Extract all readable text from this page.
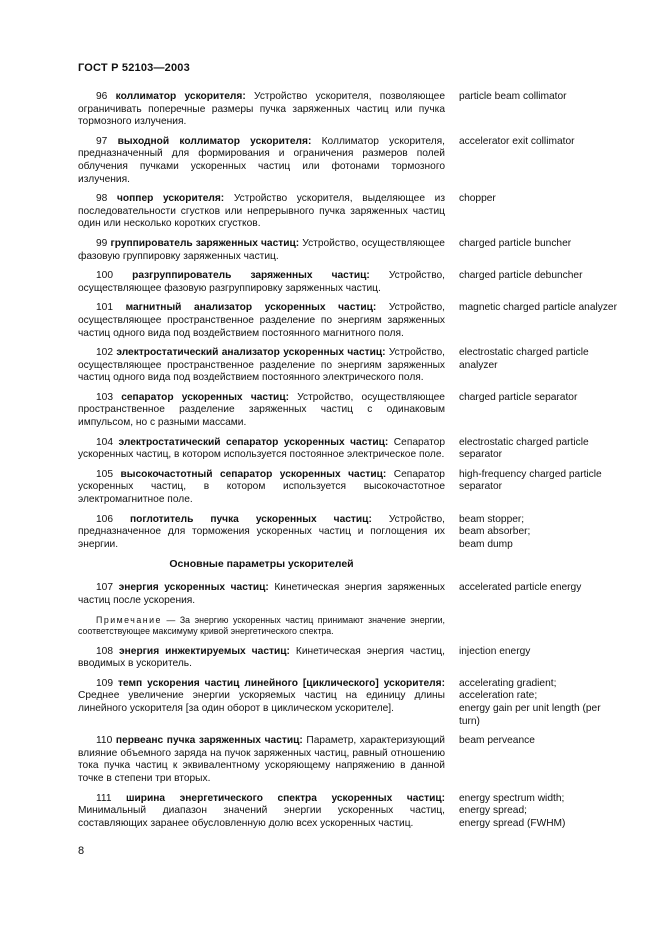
ГОСТ Р 52103—2003
96 коллиматор ускорителя: Устройство ускорителя, позволяющее ограничивать поперечные размеры пучка заряженных частиц или пучка тормозного излучения.
particle beam collimator
97 выходной коллиматор ускорителя: Коллиматор ускорителя, предназначенный для формирования и ограничения размеров полей облучения пучками ускоренных частиц или фотонами тормозного излучения.
accelerator exit collimator
98 чоппер ускорителя: Устройство ускорителя, выделяющее из последовательности сгустков или непрерывного пучка заряженных частиц один или несколько коротких сгустков.
chopper
99 группирователь заряженных частиц: Устройство, осуществляющее фазовую группировку заряженных частиц.
charged particle buncher
100 разгруппирователь заряженных частиц: Устройство, осуществляющее фазовую разгруппировку заряженных частиц.
charged particle debuncher
101 магнитный анализатор ускоренных частиц: Устройство, осуществляющее пространственное разделение по энергиям заряженных частиц одного вида под воздействием постоянного магнитного поля.
magnetic charged particle analyzer
102 электростатический анализатор ускоренных частиц: Устройство, осуществляющее пространственное разделение по энергиям заряженных частиц одного вида под воздействием постоянного электрического поля.
electrostatic charged particle analyzer
103 сепаратор ускоренных частиц: Устройство, осуществляющее пространственное разделение заряженных частиц с одинаковым импульсом, но с разными массами.
charged particle separator
104 электростатический сепаратор ускоренных частиц: Сепаратор ускоренных частиц, в котором используется постоянное электрическое поле.
electrostatic charged particle separator
105 высокочастотный сепаратор ускоренных частиц: Сепаратор ускоренных частиц, в котором используется высокочастотное электромагнитное поле.
high-frequency charged particle separator
106 поглотитель пучка ускоренных частиц: Устройство, предназначенное для торможения ускоренных частиц и поглощения их энергии.
beam stopper;
beam absorber;
beam dump
Основные параметры ускорителей
107 энергия ускоренных частиц: Кинетическая энергия заряженных частиц после ускорения.
accelerated particle energy
Примечание — За энергию ускоренных частиц принимают значение энергии, соответствующее максимуму кривой энергетического спектра.
108 энергия инжектируемых частиц: Кинетическая энергия частиц, вводимых в ускоритель.
injection energy
109 темп ускорения частиц линейного [циклического] ускорителя: Среднее увеличение энергии ускоряемых частиц на единицу длины линейного ускорителя [за один оборот в циклическом ускорителе].
accelerating gradient;
acceleration rate;
energy gain per unit length (per turn)
110 первеанс пучка заряженных частиц: Параметр, характеризующий влияние объемного заряда на пучок заряженных частиц, равный отношению тока пучка частиц к эквивалентному ускоряющему напряжению в данной точке в степени три вторых.
beam perveance
111 ширина энергетического спектра ускоренных частиц: Минимальный диапазон значений энергии ускоренных частиц, составляющих заранее обусловленную долю всех ускоренных частиц.
energy spectrum width;
energy spread;
energy spread (FWHM)
8
